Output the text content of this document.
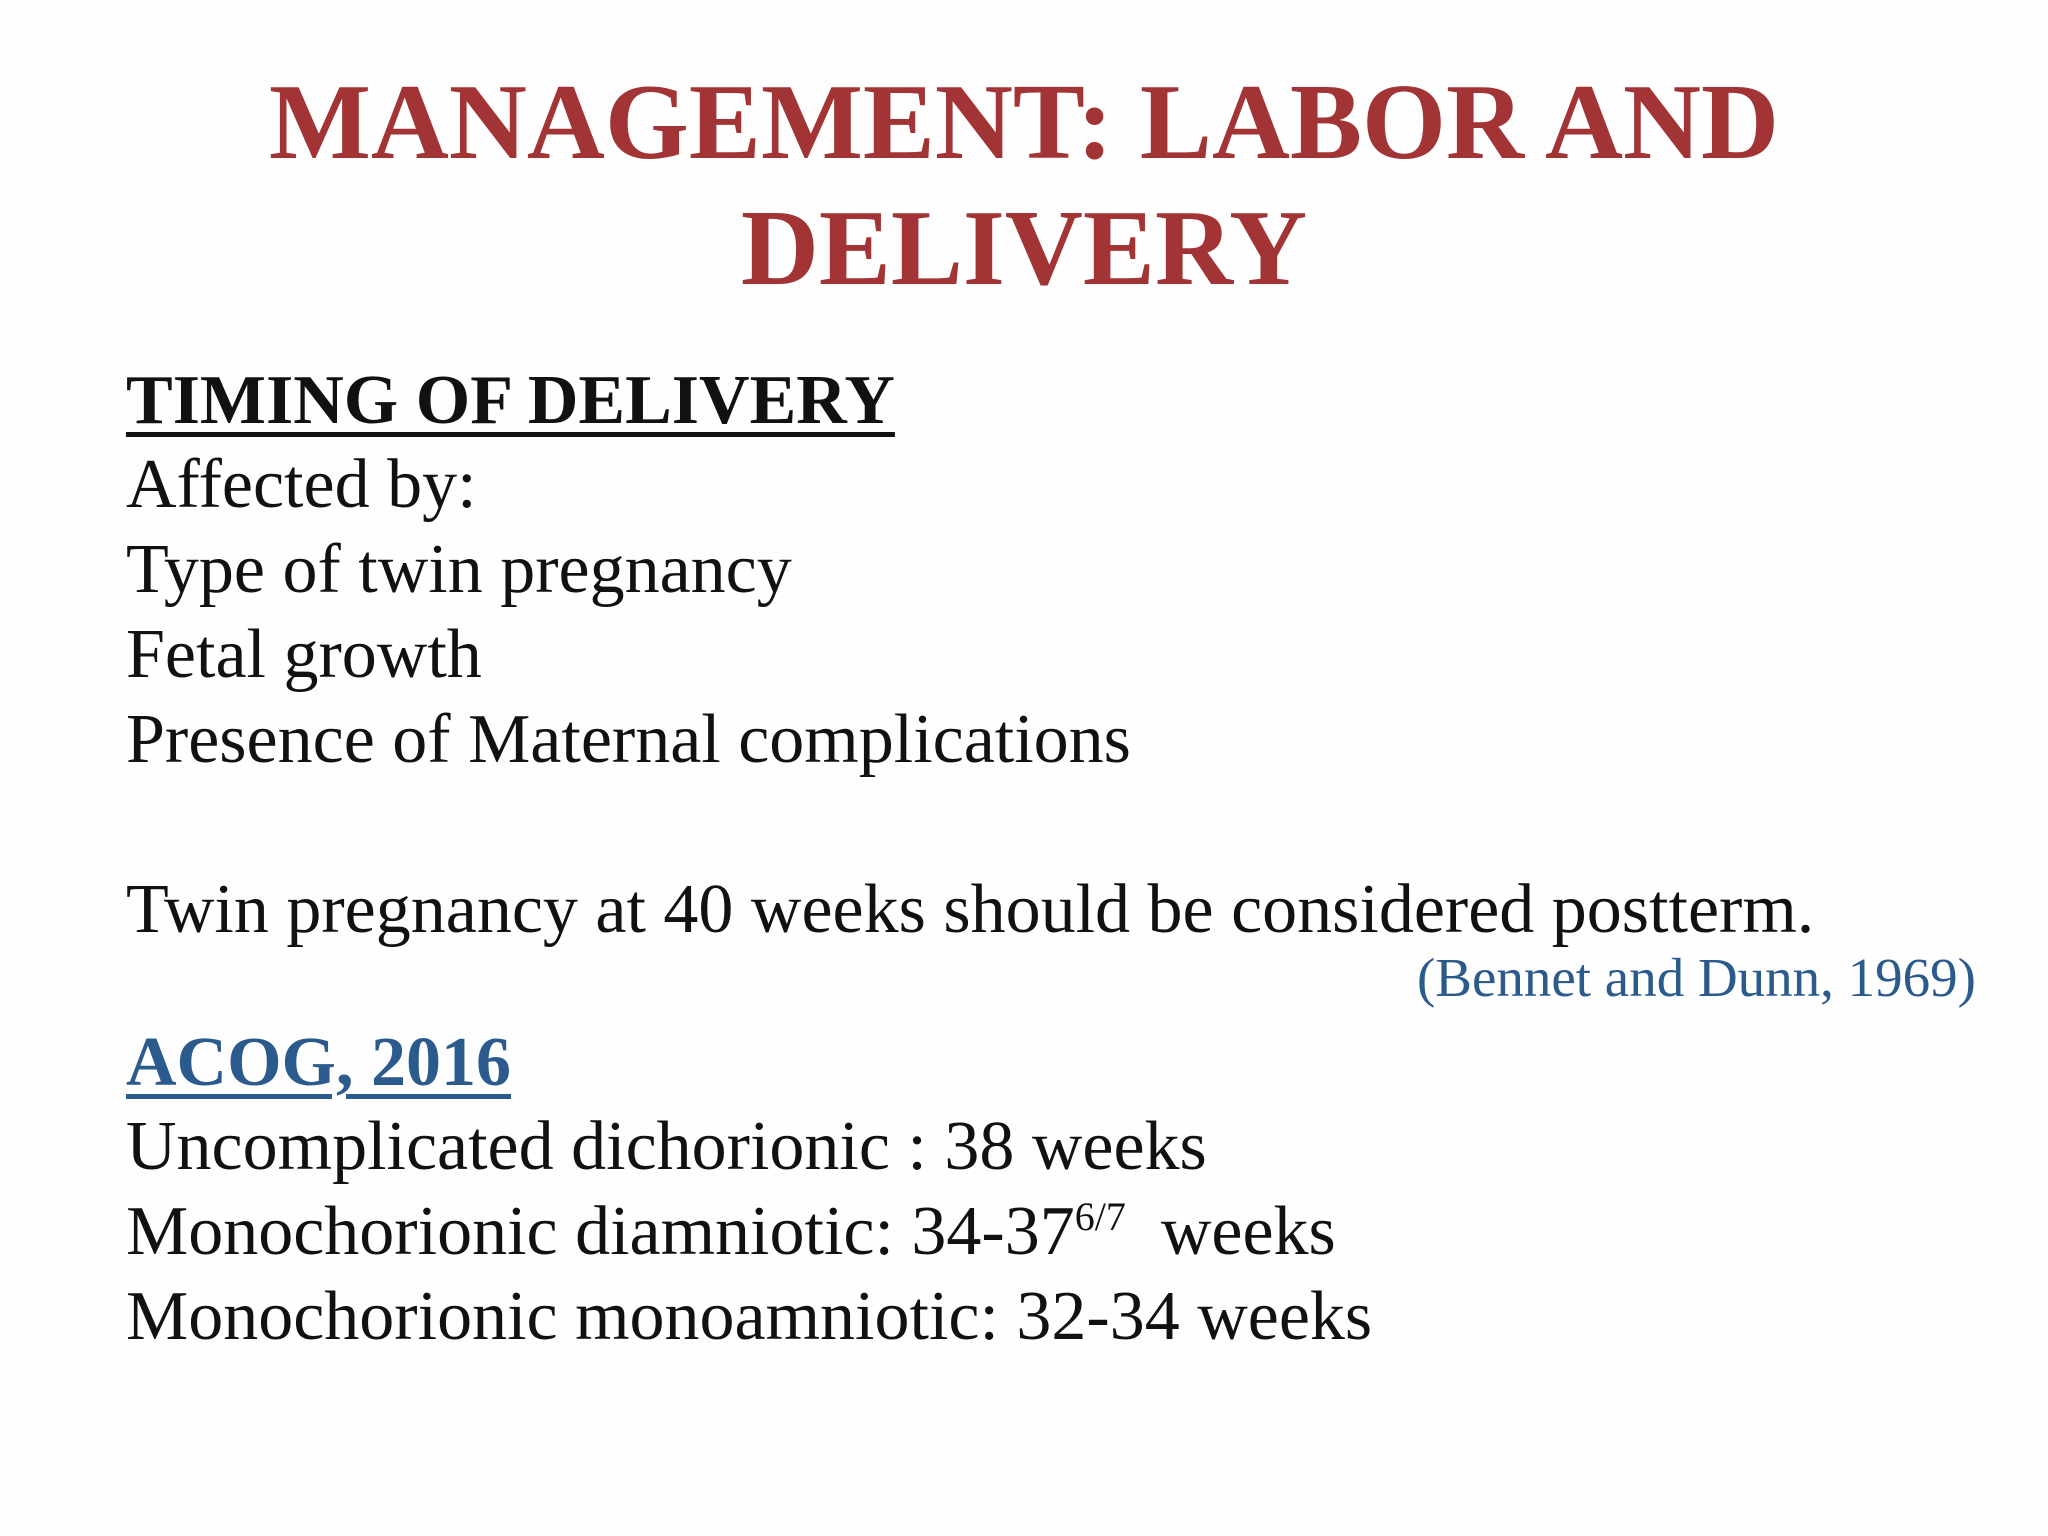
MANAGEMENT: LABOR AND
DELIVERY
TIMING OF DELIVERY
Affected by:
Type of twin pregnancy
Fetal growth
Presence of Maternal complications
Twin pregnancy at 40 weeks should be considered postterm.
(Bennet and Dunn, 1969)
ACOG, 2016
Uncomplicated dichorionic : 38 weeks
Monochorionic diamniotic: $34-37^{6/7}$  weeks
Monochorionic monoamniotic: 32-34 weeks
